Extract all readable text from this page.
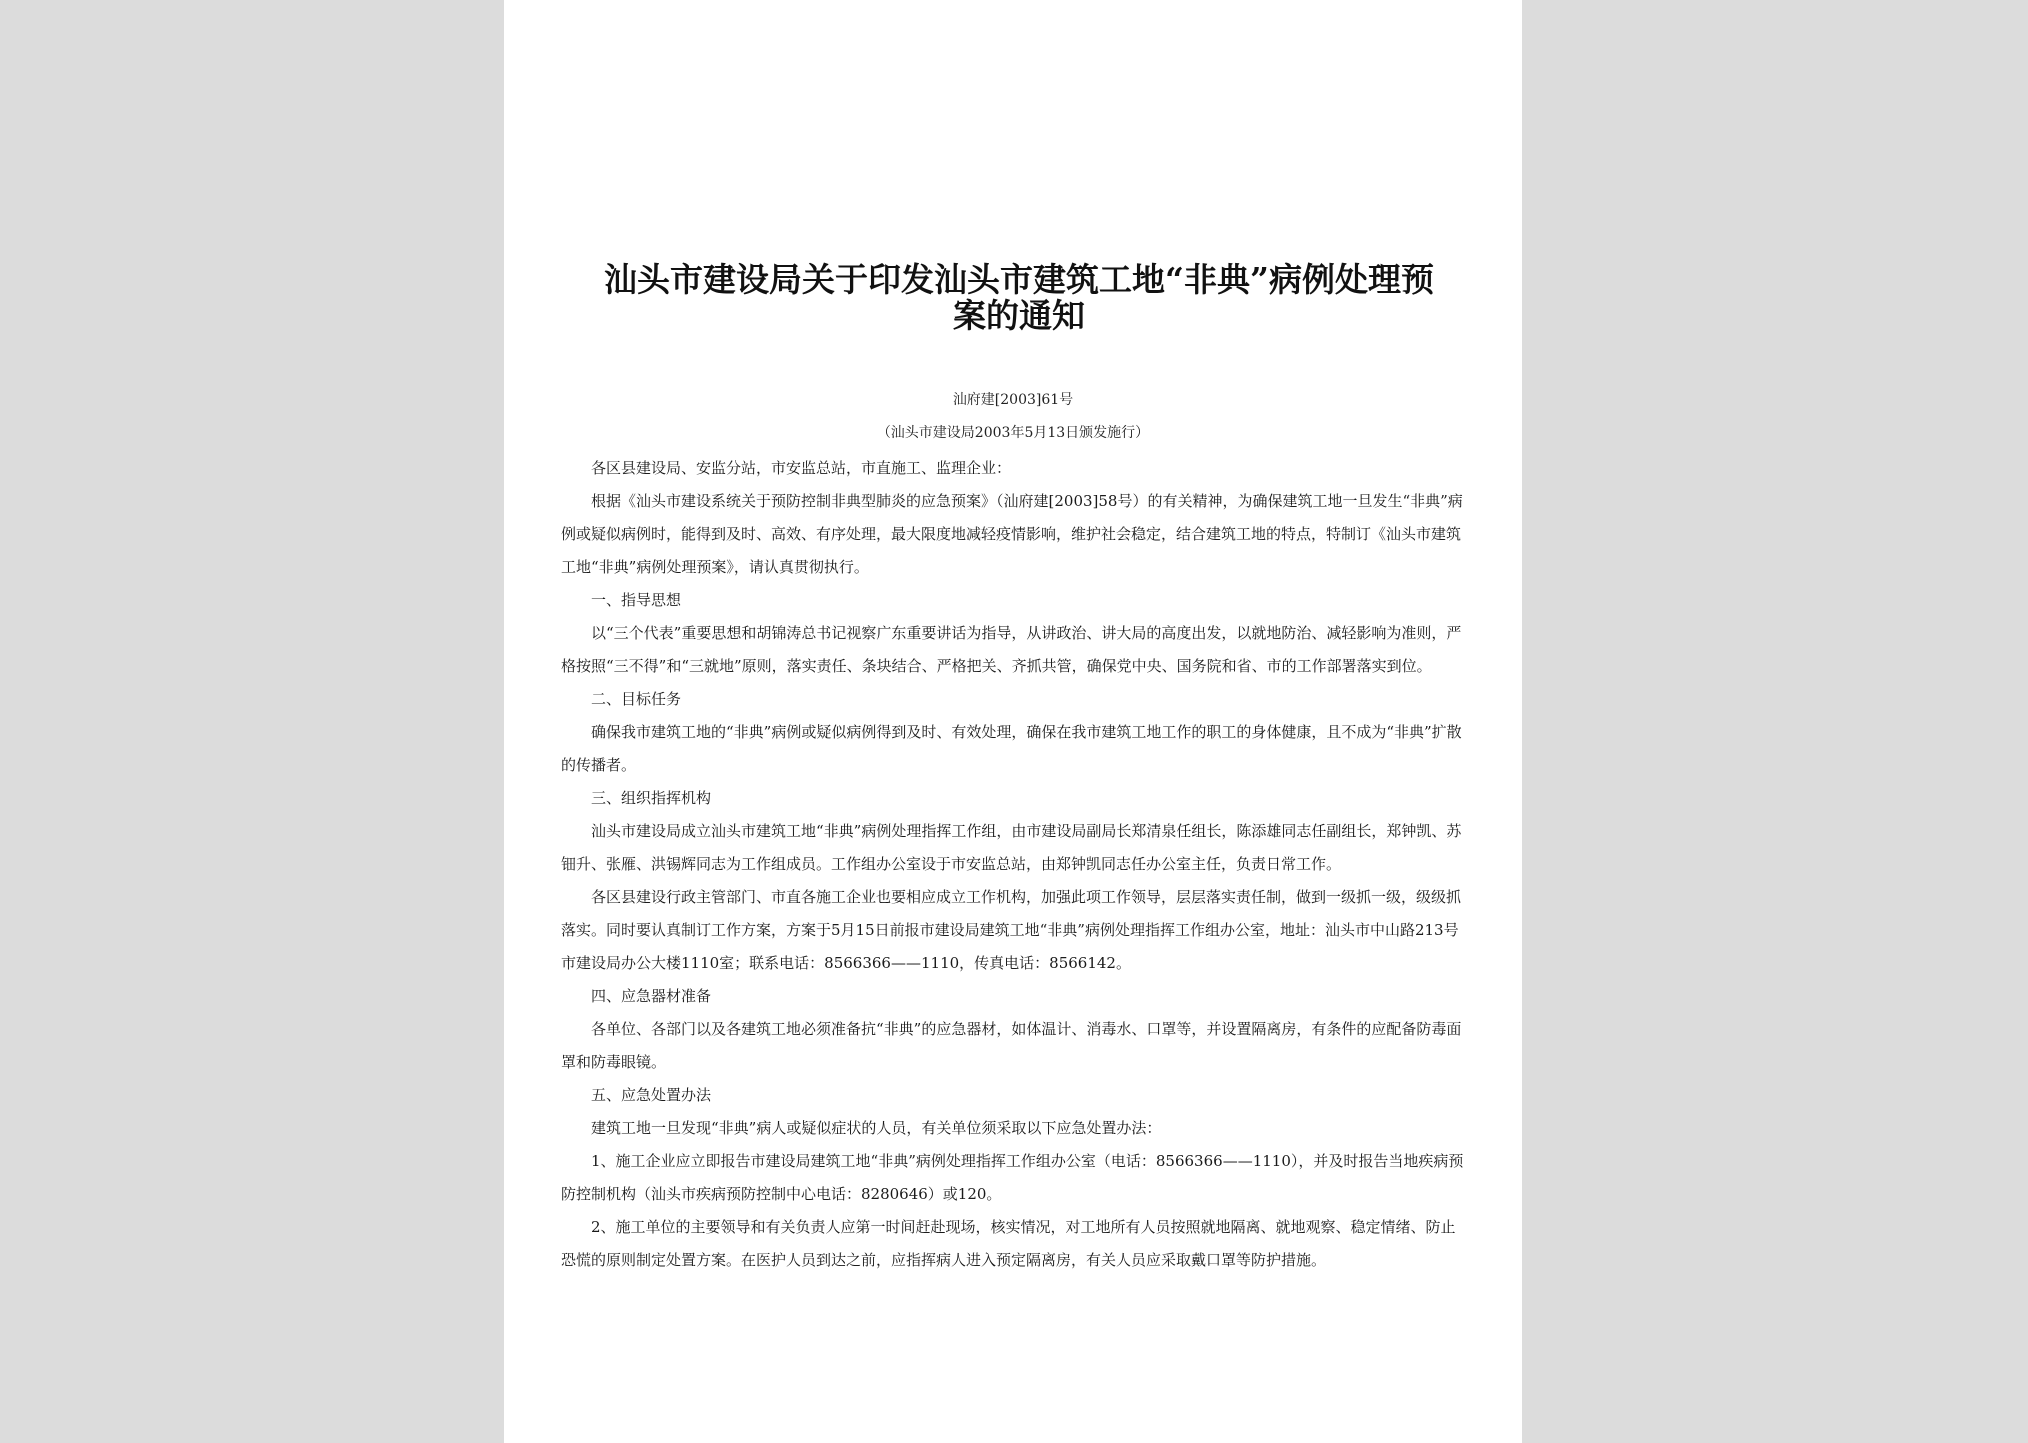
汕头市建设局关于印发汕头市建筑工地“非典”病例处理预案的通知
汕府建[2003]61号
（汕头市建设局2003年5月13日颁发施行）

各区县建设局、安监分站，市安监总站，市直施工、监理企业：

根据《汕头市建设系统关于预防控制非典型肺炎的应急预案》（汕府建[2003]58号）的有关精神，为确保建筑工地一旦发生“非典”病例或疑似病例时，能得到及时、高效、有序处理，最大限度地减轻疫情影响，维护社会稳定，结合建筑工地的特点，特制订《汕头市建筑工地“非典”病例处理预案》，请认真贯彻执行。

一、指导思想

以“三个代表”重要思想和胡锦涛总书记视察广东重要讲话为指导，从讲政治、讲大局的高度出发，以就地防治、减轻影响为准则，严格按照“三不得”和“三就地”原则，落实责任、条块结合、严格把关、齐抓共管，确保党中央、国务院和省、市的工作部署落实到位。

二、目标任务

确保我市建筑工地的“非典”病例或疑似病例得到及时、有效处理，确保在我市建筑工地工作的职工的身体健康，且不成为“非典”扩散的传播者。

三、组织指挥机构

汕头市建设局成立汕头市建筑工地“非典”病例处理指挥工作组，由市建设局副局长郑清泉任组长，陈添雄同志任副组长，郑钟凯、苏钿升、张雁、洪锡辉同志为工作组成员。工作组办公室设于市安监总站，由郑钟凯同志任办公室主任，负责日常工作。

各区县建设行政主管部门、市直各施工企业也要相应成立工作机构，加强此项工作领导，层层落实责任制，做到一级抓一级，级级抓落实。同时要认真制订工作方案，方案于5月15日前报市建设局建筑工地“非典”病例处理指挥工作组办公室，地址：汕头市中山路213号市建设局办公大楼1110室；联系电话：8566366——1110，传真电话：8566142。

四、应急器材准备

各单位、各部门以及各建筑工地必须准备抗“非典”的应急器材，如体温计、消毒水、口罩等，并设置隔离房，有条件的应配备防毒面罩和防毒眼镜。

五、应急处置办法

建筑工地一旦发现“非典”病人或疑似症状的人员，有关单位须采取以下应急处置办法：

1、施工企业应立即报告市建设局建筑工地“非典”病例处理指挥工作组办公室（电话：8566366——1110），并及时报告当地疾病预防控制机构（汕头市疾病预防控制中心电话：8280646）或120。

2、施工单位的主要领导和有关负责人应第一时间赶赴现场，核实情况，对工地所有人员按照就地隔离、就地观察、稳定情绪、防止恐慌的原则制定处置方案。在医护人员到达之前，应指挥病人进入预定隔离房，有关人员应采取戴口罩等防护措施。
